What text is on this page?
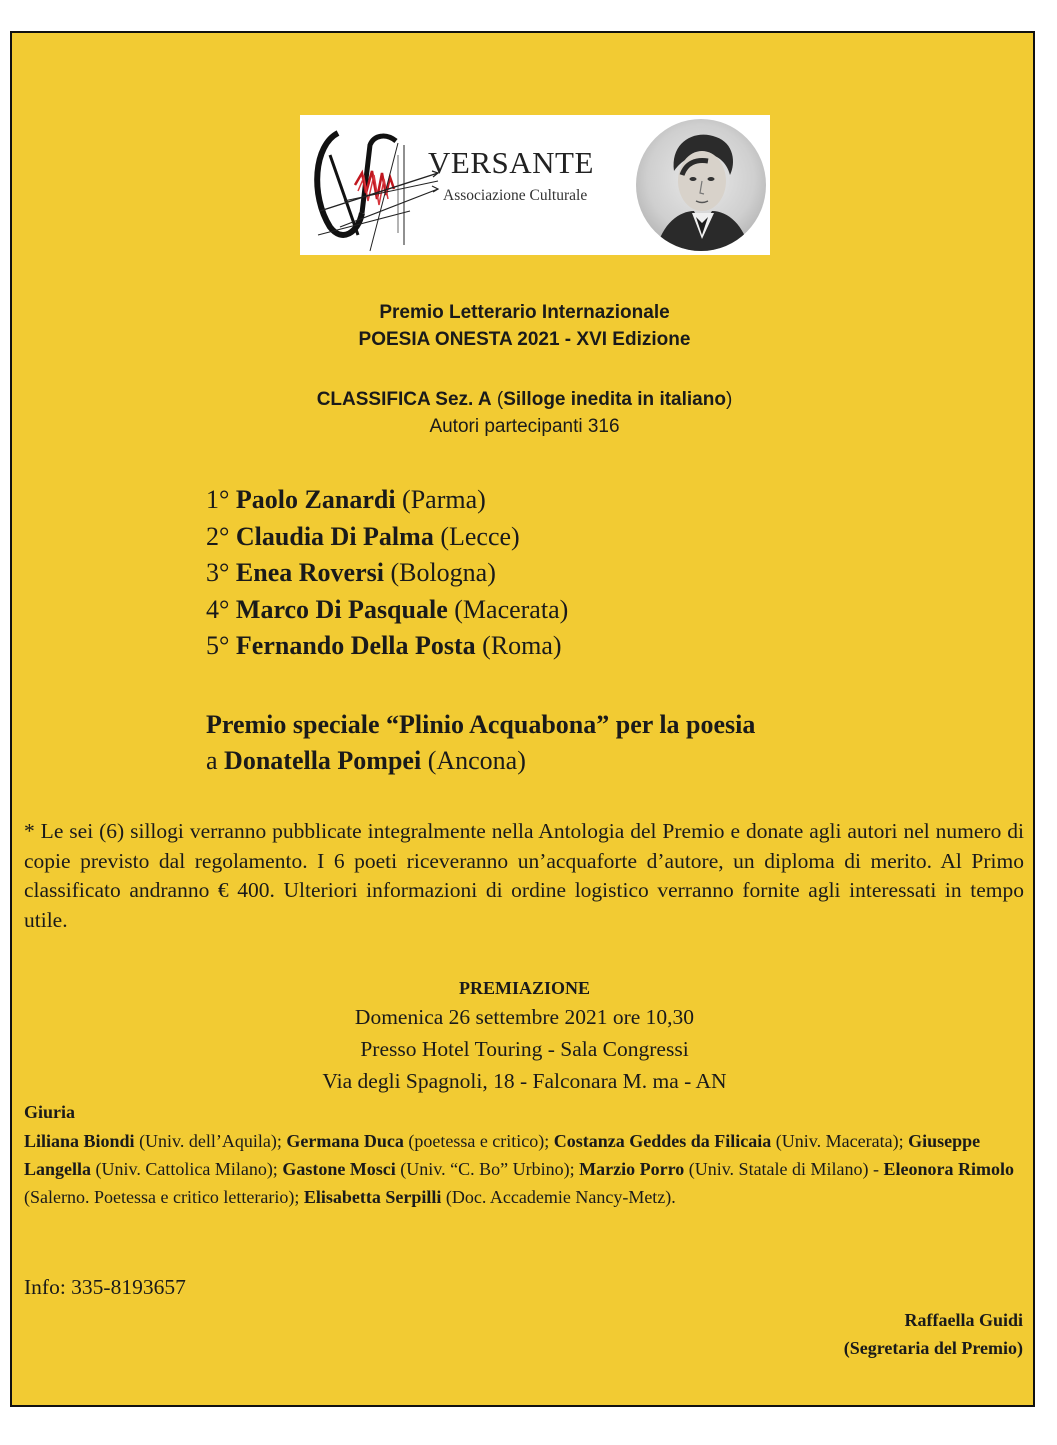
VERSANTE
Associazione Culturale
Premio Letterario Internazionale
POESIA ONESTA 2021 - XVI Edizione
CLASSIFICA Sez. A (Silloge inedita in italiano)
Autori partecipanti 316
1° Paolo Zanardi (Parma)
2° Claudia Di Palma (Lecce)
3° Enea Roversi (Bologna)
4° Marco Di Pasquale (Macerata)
5° Fernando Della Posta (Roma)
Premio speciale “Plinio Acquabona” per la poesia
a Donatella Pompei (Ancona)
* Le sei (6) sillogi verranno pubblicate integralmente nella Antologia del Premio e donate agli autori nel numero di copie previsto dal regolamento. I 6 poeti riceveranno un’acquaforte d’autore, un diploma di merito. Al Primo classificato andranno € 400. Ulteriori informazioni di ordine logistico verranno fornite agli interessati in tempo utile.
PREMIAZIONE
Domenica 26 settembre 2021 ore 10,30
Presso Hotel Touring - Sala Congressi
Via degli Spagnoli, 18 - Falconara M. ma - AN
Giuria
Liliana Biondi (Univ. dell’Aquila); Germana Duca (poetessa e critico); Costanza Geddes da Filicaia (Univ. Macerata); Giuseppe Langella (Univ. Cattolica Milano); Gastone Mosci (Univ. “C. Bo” Urbino); Marzio Porro (Univ. Statale di Milano) - Eleonora Rimolo (Salerno. Poetessa e critico letterario); Elisabetta Serpilli (Doc. Accademie Nancy-Metz).
Info: 335-8193657
Raffaella Guidi
(Segretaria del Premio)
